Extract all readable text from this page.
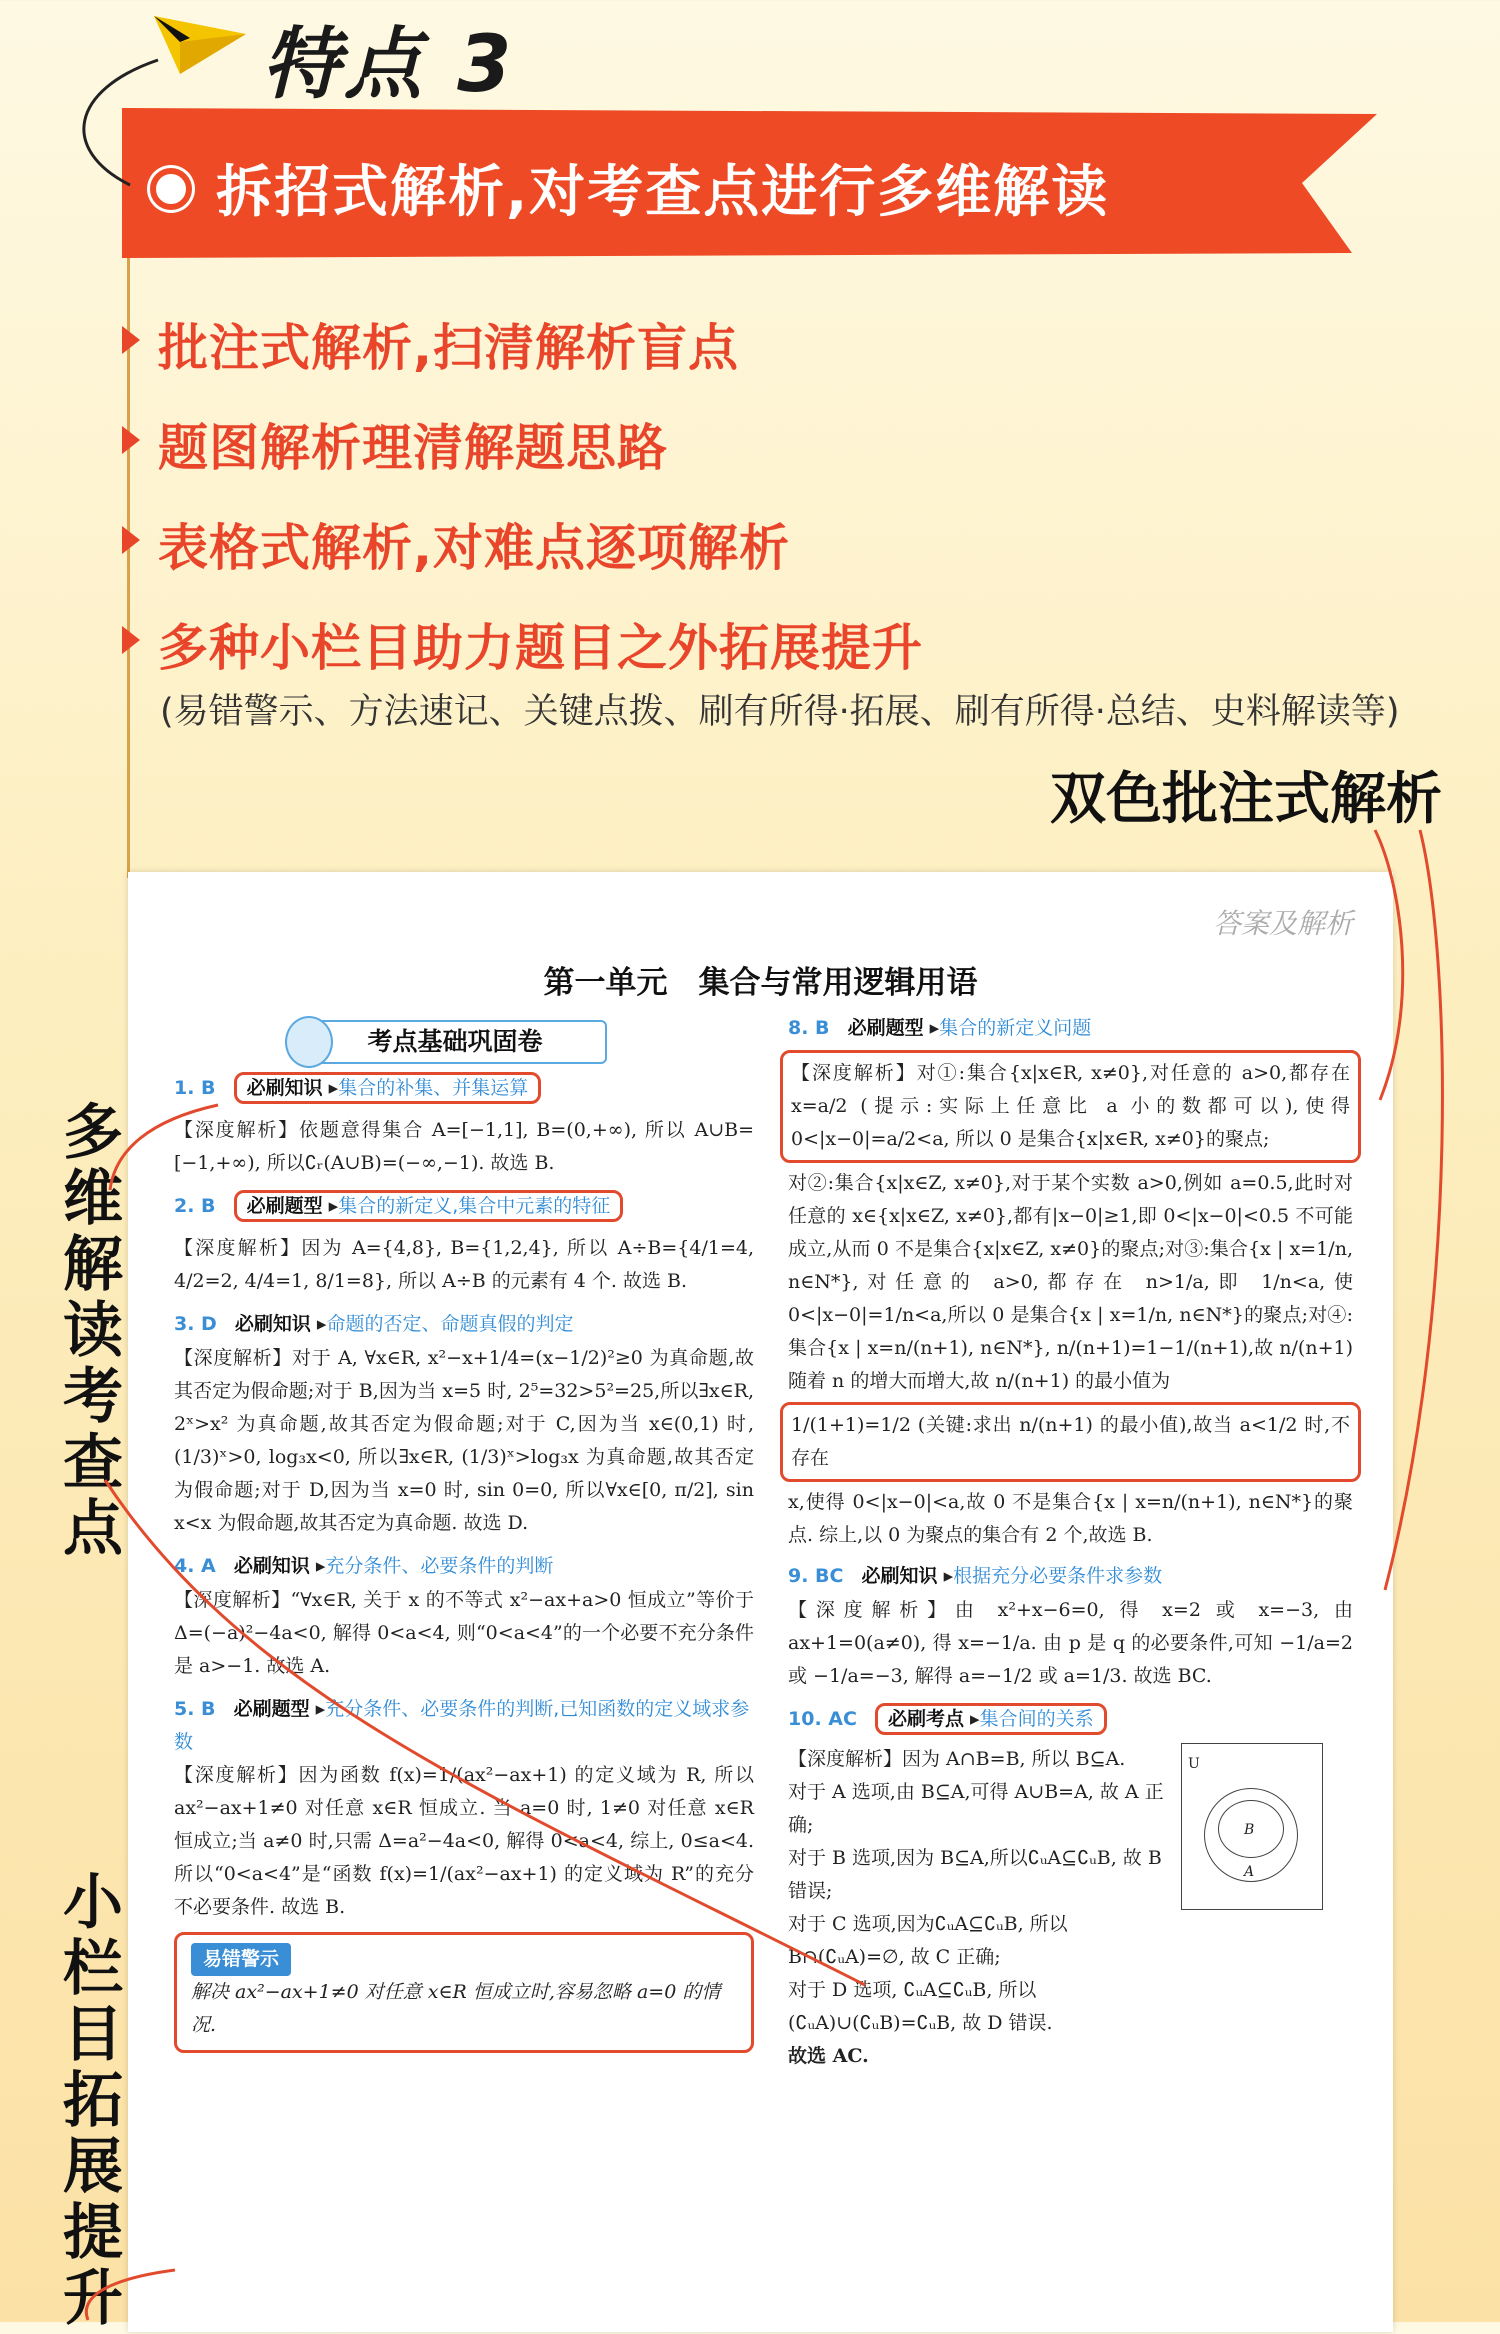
特点 3
拆招式解析,对考查点进行多维解读
批注式解析,扫清解析盲点
题图解析理清解题思路
表格式解析,对难点逐项解析
多种小栏目助力题目之外拓展提升
(易错警示、方法速记、关键点拨、刷有所得·拓展、刷有所得·总结、史料解读等)
双色批注式解析
多维解读考查点
小栏目拓展提升
答案及解析
第一单元　集合与常用逻辑用语
考点基础巩固卷
1. B 必刷知识 ▸集合的补集、并集运算
【深度解析】依题意得集合 A=[−1,1], B=(0,+∞), 所以 A∪B=[−1,+∞), 所以∁ᵣ(A∪B)=(−∞,−1). 故选 B.
2. B 必刷题型 ▸集合的新定义,集合中元素的特征
【深度解析】因为 A={4,8}, B={1,2,4}, 所以 A÷B={4/1=4, 4/2=2, 4/4=1, 8/1=8}, 所以 A÷B 的元素有 4 个. 故选 B.
3. D 必刷知识 ▸命题的否定、命题真假的判定
【深度解析】对于 A, ∀x∈R, x²−x+1/4=(x−1/2)²≥0 为真命题,故其否定为假命题;对于 B,因为当 x=5 时, 2⁵=32>5²=25,所以∃x∈R, 2ˣ>x² 为真命题,故其否定为假命题;对于 C,因为当 x∈(0,1) 时, (1/3)ˣ>0, log₃x<0, 所以∃x∈R, (1/3)ˣ>log₃x 为真命题,故其否定为假命题;对于 D,因为当 x=0 时, sin 0=0, 所以∀x∈[0, π/2], sin x<x 为假命题,故其否定为真命题. 故选 D.
4. A 必刷知识 ▸充分条件、必要条件的判断
【深度解析】“∀x∈R, 关于 x 的不等式 x²−ax+a>0 恒成立”等价于 Δ=(−a)²−4a<0, 解得 0<a<4, 则“0<a<4”的一个必要不充分条件是 a>−1. 故选 A.
5. B 必刷题型 ▸充分条件、必要条件的判断,已知函数的定义域求参数
【深度解析】因为函数 f(x)=1/(ax²−ax+1) 的定义域为 R, 所以 ax²−ax+1≠0 对任意 x∈R 恒成立. 当 a=0 时, 1≠0 对任意 x∈R 恒成立;当 a≠0 时,只需 Δ=a²−4a<0, 解得 0<a<4, 综上, 0≤a<4. 所以“0<a<4”是“函数 f(x)=1/(ax²−ax+1) 的定义域为 R”的充分不必要条件. 故选 B.
易错警示
解决 ax²−ax+1≠0 对任意 x∈R 恒成立时,容易忽略 a=0 的情况.
8. B 必刷题型 ▸集合的新定义问题
【深度解析】对①:集合{x|x∈R, x≠0},对任意的 a>0,都存在 x=a/2 (提示:实际上任意比 a 小的数都可以),使得 0<|x−0|=a/2<a, 所以 0 是集合{x|x∈R, x≠0}的聚点;
对②:集合{x|x∈Z, x≠0},对于某个实数 a>0,例如 a=0.5,此时对任意的 x∈{x|x∈Z, x≠0},都有|x−0|≥1,即 0<|x−0|<0.5 不可能成立,从而 0 不是集合{x|x∈Z, x≠0}的聚点;对③:集合{x | x=1/n, n∈N*},对任意的 a>0,都存在 n>1/a,即 1/n<a,使 0<|x−0|=1/n<a,所以 0 是集合{x | x=1/n, n∈N*}的聚点;对④:集合{x | x=n/(n+1), n∈N*}, n/(n+1)=1−1/(n+1),故 n/(n+1) 随着 n 的增大而增大,故 n/(n+1) 的最小值为
1/(1+1)=1/2 (关键:求出 n/(n+1) 的最小值),故当 a<1/2 时,不存在
x,使得 0<|x−0|<a,故 0 不是集合{x | x=n/(n+1), n∈N*}的聚点. 综上,以 0 为聚点的集合有 2 个,故选 B.
9. BC 必刷知识 ▸根据充分必要条件求参数
【深度解析】由 x²+x−6=0, 得 x=2 或 x=−3, 由 ax+1=0(a≠0), 得 x=−1/a. 由 p 是 q 的必要条件,可知 −1/a=2 或 −1/a=−3, 解得 a=−1/2 或 a=1/3. 故选 BC.
10. AC 必刷考点 ▸集合间的关系
【深度解析】因为 A∩B=B, 所以 B⊆A.
对于 A 选项,由 B⊆A,可得 A∪B=A, 故 A 正确;
对于 B 选项,因为 B⊆A,所以∁ᵤA⊆∁ᵤB, 故 B 错误;
对于 C 选项,因为∁ᵤA⊆∁ᵤB, 所以 B∩(∁ᵤA)=∅, 故 C 正确;
对于 D 选项, ∁ᵤA⊆∁ᵤB, 所以(∁ᵤA)∪(∁ᵤB)=∁ᵤB, 故 D 错误.
故选 AC.
U
B
A
